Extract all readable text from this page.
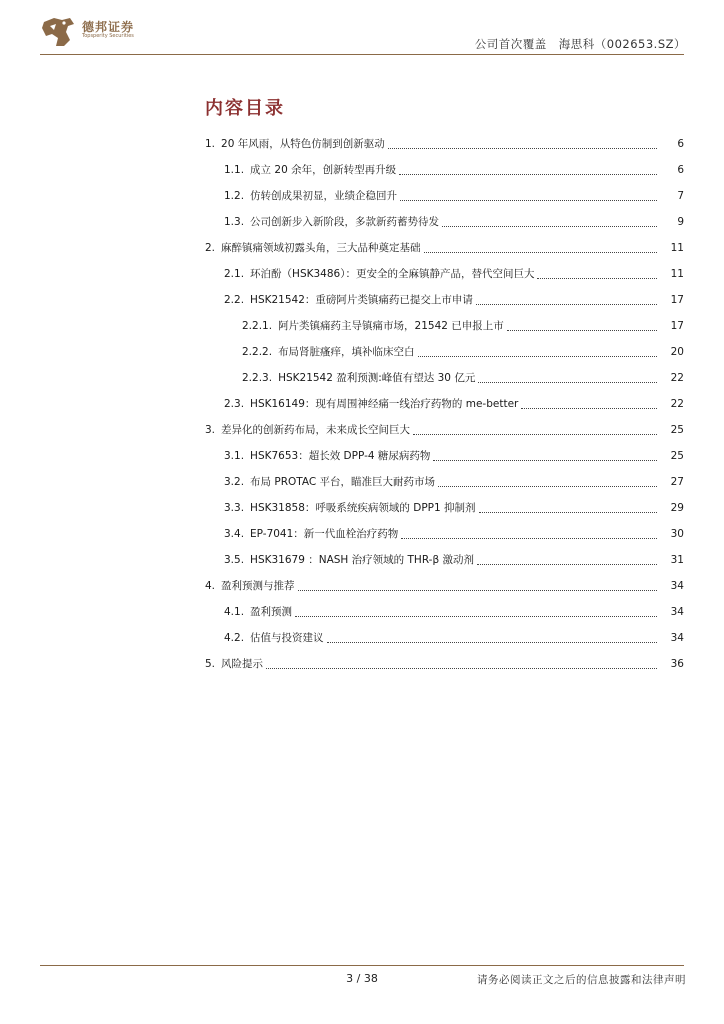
德邦证券
Topsperity Securities
公司首次覆盖　海思科（002653.SZ）
内容目录
1. 20 年风雨，从特色仿制到创新驱动	6
1.1. 成立 20 余年，创新转型再升级	6
1.2. 仿转创成果初显，业绩企稳回升	7
1.3. 公司创新步入新阶段，多款新药蓄势待发	9
2. 麻醉镇痛领域初露头角，三大品种奠定基础	11
2.1. 环泊酚（HSK3486）：更安全的全麻镇静产品，替代空间巨大	11
2.2. HSK21542：重磅阿片类镇痛药已提交上市申请	17
2.2.1. 阿片类镇痛药主导镇痛市场，21542 已申报上市	17
2.2.2. 布局肾脏瘙痒，填补临床空白	20
2.2.3. HSK21542 盈利预测:峰值有望达 30 亿元	22
2.3. HSK16149：现有周围神经痛一线治疗药物的 me-better	22
3. 差异化的创新药布局，未来成长空间巨大	25
3.1. HSK7653：超长效 DPP-4 糖尿病药物	25
3.2. 布局 PROTAC 平台，瞄准巨大耐药市场	27
3.3. HSK31858：呼吸系统疾病领域的 DPP1 抑制剂	29
3.4. EP-7041：新一代血栓治疗药物	30
3.5. HSK31679 ：NASH 治疗领域的 THR-β 激动剂	31
4. 盈利预测与推荐	34
4.1. 盈利预测	34
4.2. 估值与投资建议	34
5. 风险提示	36
3 / 38	请务必阅读正文之后的信息披露和法律声明
